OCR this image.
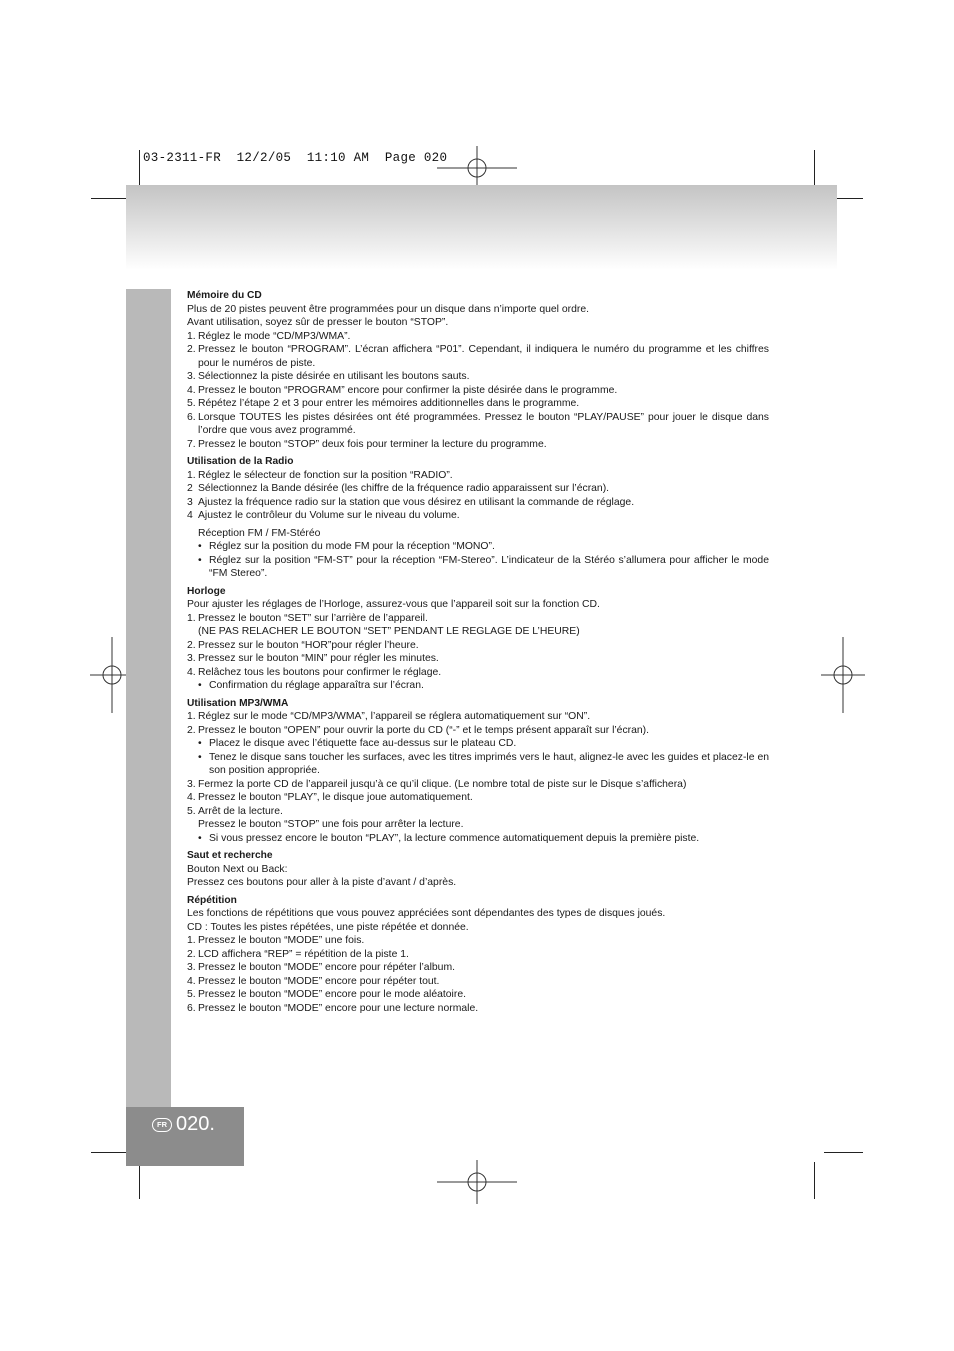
03-2311-FR  12/2/05  11:10 AM  Page 020
FR 020.
Mémoire du CD

Plus de 20 pistes peuvent être programmées pour un disque dans n’importe quel ordre.

Avant utilisation, soyez sûr de presser le bouton “STOP”.

1. Réglez le mode “CD/MP3/WMA”.
2. Pressez le bouton “PROGRAM”. L’écran affichera “P01”. Cependant, il indiquera le numéro du programme et les chiffres pour le numéros de piste.
3. Sélectionnez la piste désirée en utilisant les boutons sauts.
4. Pressez le bouton “PROGRAM” encore pour confirmer la piste désirée dans le programme.
5. Répétez l’étape 2 et 3 pour entrer les mémoires additionnelles dans le programme.
6. Lorsque TOUTES les pistes désirées ont été programmées. Pressez le bouton “PLAY/PAUSE” pour jouer le disque dans l’ordre que vous avez programmé.
7. Pressez le bouton “STOP” deux fois pour terminer la lecture du programme.
Utilisation de la Radio
1. Réglez le sélecteur de fonction sur la position “RADIO”.
2 Sélectionnez la Bande désirée (les chiffre de la fréquence radio apparaissent sur l’écran).
3 Ajustez la fréquence radio sur la station que vous désirez en utilisant la commande de réglage.
4 Ajustez le contrôleur du Volume sur le niveau du volume.

Réception FM / FM-Stéréo

• Réglez sur la position du mode FM pour la réception “MONO”.
• Réglez sur la position “FM-ST” pour la réception “FM-Stereo”. L’indicateur de la Stéréo s’allumera pour afficher le mode “FM Stereo”.
Horloge

Pour ajuster les réglages de l’Horloge, assurez-vous que l’appareil soit sur la fonction CD.

1. Pressez le bouton “SET” sur l’arrière de l’appareil.

(NE PAS RELACHER LE BOUTON “SET” PENDANT LE REGLAGE DE L’HEURE)

2. Pressez sur le bouton “HOR”pour régler l’heure.
3. Pressez sur le bouton “MIN” pour régler les minutes.
4. Relâchez tous les boutons pour confirmer le réglage.
• Confirmation du réglage apparaîtra sur l’écran.
Utilisation MP3/WMA
1. Réglez sur le mode “CD/MP3/WMA”, l’appareil se réglera automatiquement sur “ON”.
2. Pressez le bouton “OPEN” pour ouvrir la porte du CD (“-” et le temps présent apparaît sur l’écran).
• Placez le disque avec l’étiquette face au-dessus sur le plateau CD.
• Tenez le disque sans toucher les surfaces, avec les titres imprimés vers le haut, alignez-le avec les guides et placez-le en son position appropriée.
3. Fermez la porte CD de l’appareil jusqu’à ce qu’il clique. (Le nombre total de piste sur le Disque s’affichera)
4. Pressez le bouton “PLAY”, le disque joue automatiquement.
5. Arrêt de la lecture.

Pressez le bouton “STOP” une fois pour arrêter la lecture.

• Si vous pressez encore le bouton “PLAY”, la lecture commence automatiquement depuis la première piste.
Saut et recherche

Bouton Next ou Back:

Pressez ces boutons pour aller à la piste d’avant / d’après.

Répétition

Les fonctions de répétitions que vous pouvez appréciées sont dépendantes des types de disques joués.

CD : Toutes les pistes répétées, une piste répétée et donnée.

1. Pressez le bouton “MODE” une fois.
2. LCD affichera “REP” = répétition de la piste 1.
3. Pressez le bouton “MODE” encore pour répéter l’album.
4. Pressez le bouton “MODE” encore pour répéter tout.
5. Pressez le bouton “MODE” encore pour le mode aléatoire.
6. Pressez le bouton “MODE” encore pour une lecture normale.
